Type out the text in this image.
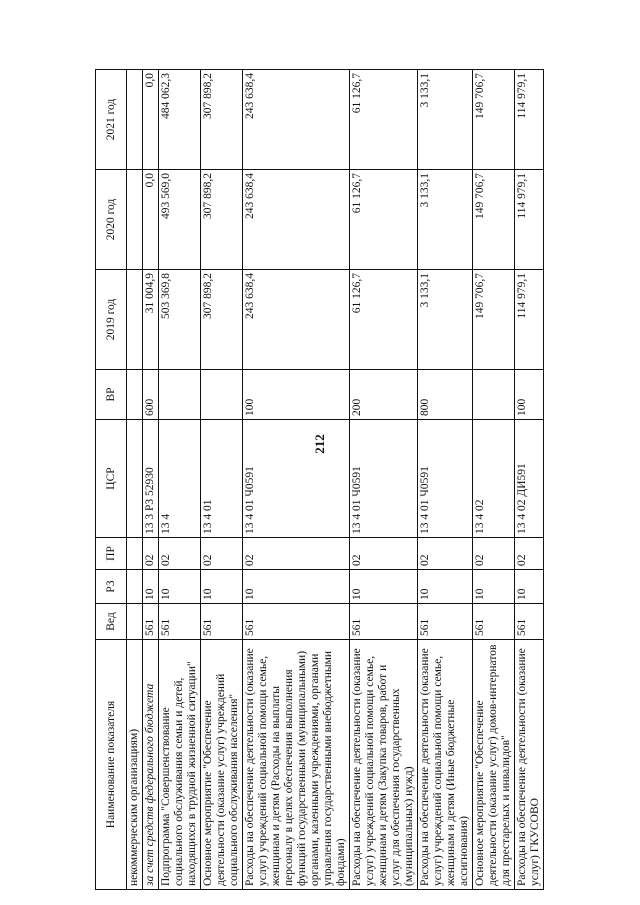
212
Наименование показателя	Вед	РЗ	ПР	ЦСР	ВР	2019 год	2020 год	2021 год
некоммерческим организациям)								
за счет средств федерального бюджета	561	10	02	13 3 P3 52930	600	31 004,9	0,0	0,0
Подпрограмма "Совершенствование социального обслуживания семьи и детей, находящихся в трудной жизненной ситуации"	561	10	02	13 4		503 369,8	493 569,0	484 062,3
Основное мероприятие "Обеспечение деятельности (оказание услуг) учреждений социального обслуживания населения"	561	10	02	13 4 01		307 898,2	307 898,2	307 898,2
Расходы на обеспечение деятельности (оказание услуг) учреждений социальной помощи семье, женщинам и детям (Расходы на выплаты персоналу в целях обеспечения выполнения функций государственными (муниципальными) органами, казенными учреждениями, органами управления государственными внебюджетными фондами)	561	10	02	13 4 01 Ч0591	100	243 638,4	243 638,4	243 638,4
Расходы на обеспечение деятельности (оказание услуг) учреждений социальной помощи семье, женщинам и детям (Закупка товаров, работ и услуг для обеспечения государственных (муниципальных) нужд)	561	10	02	13 4 01 Ч0591	200	61 126,7	61 126,7	61 126,7
Расходы на обеспечение деятельности (оказание услуг) учреждений социальной помощи семье, женщинам и детям (Иные бюджетные ассигнования)	561	10	02	13 4 01 Ч0591	800	3 133,1	3 133,1	3 133,1
Основное мероприятие "Обеспечение деятельности (оказание услуг) домов-интернатов для престарелых и инвалидов"	561	10	02	13 4 02		149 706,7	149 706,7	149 706,7
Расходы на обеспечение деятельности (оказание услуг) ГКУСОВО	561	10	02	13 4 02 ДИ591	100	114 979,1	114 979,1	114 979,1
